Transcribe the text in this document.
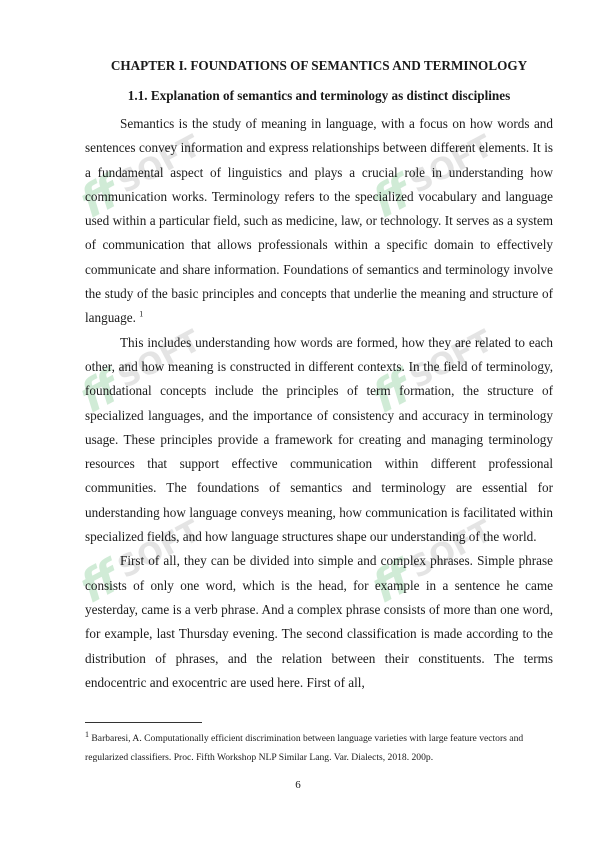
ff
SOFT	ff
SOFT
ff
SOFT	ff
SOFT
ff
SOFT	ff
SOFT
CHAPTER I. FOUNDATIONS OF SEMANTICS AND TERMINOLOGY
1.1. Explanation of semantics and terminology as distinct disciplines

Semantics is the study of meaning in language, with a focus on how words and sentences convey information and express relationships between different elements. It is a fundamental aspect of linguistics and plays a crucial role in understanding how communication works. Terminology refers to the specialized vocabulary and language used within a particular field, such as medicine, law, or technology. It serves as a system of communication that allows professionals within a specific domain to effectively communicate and share information. Foundations of semantics and terminology involve the study of the basic principles and concepts that underlie the meaning and structure of language. $^1$

This includes understanding how words are formed, how they are related to each other, and how meaning is constructed in different contexts. In the field of terminology, foundational concepts include the principles of term formation, the structure of specialized languages, and the importance of consistency and accuracy in terminology usage. These principles provide a framework for creating and managing terminology resources that support effective communication within different professional communities. The foundations of semantics and terminology are essential for understanding how language conveys meaning, how communication is facilitated within specialized fields, and how language structures shape our understanding of the world.

First of all, they can be divided into simple and complex phrases. Simple phrase consists of only one word, which is the head, for example in a sentence he came yesterday, came is a verb phrase. And a complex phrase consists of more than one word, for example, last Thursday evening. The second classification is made according to the distribution of phrases, and the relation between their constituents. The terms endocentric and exocentric are used here. First of all,

$^1$ Barbaresi, A. Computationally efficient discrimination between language varieties with large feature vectors and regularized classifiers. Proc. Fifth Workshop NLP Similar Lang. Var. Dialects, 2018. 200p.
6
